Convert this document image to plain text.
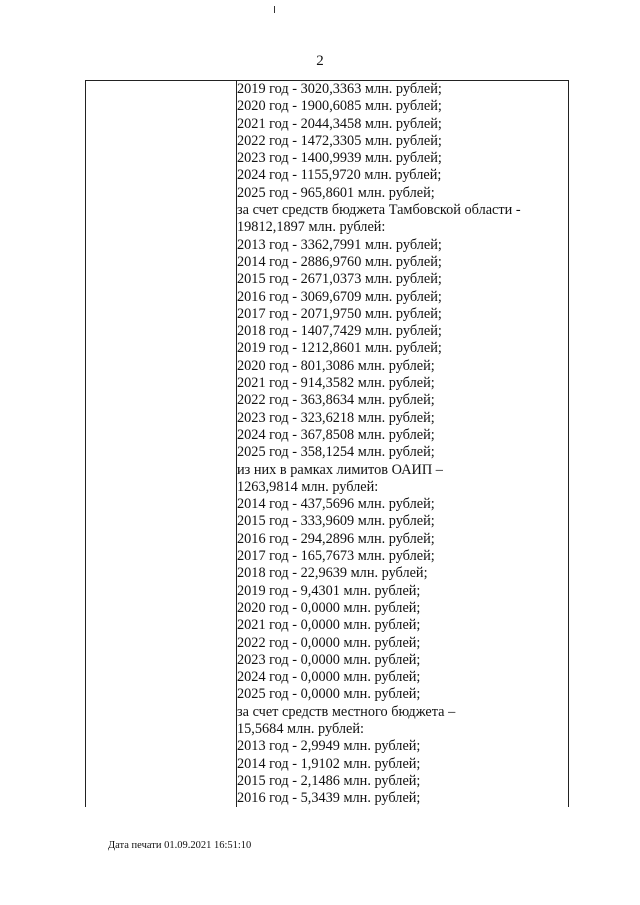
2

2019 год - 3020,3363 млн. рублей;
2020 год - 1900,6085 млн. рублей;
2021 год - 2044,3458 млн. рублей;
2022 год - 1472,3305 млн. рублей;
2023 год - 1400,9939 млн. рублей;
2024 год - 1155,9720 млн. рублей;
2025 год - 965,8601 млн. рублей;
за счет средств бюджета Тамбовской области -
19812,1897 млн. рублей:
2013 год - 3362,7991 млн. рублей;
2014 год - 2886,9760 млн. рублей;
2015 год - 2671,0373 млн. рублей;
2016 год - 3069,6709 млн. рублей;
2017 год - 2071,9750 млн. рублей;
2018 год - 1407,7429 млн. рублей;
2019 год - 1212,8601 млн. рублей;
2020 год - 801,3086 млн. рублей;
2021 год - 914,3582 млн. рублей;
2022 год - 363,8634 млн. рублей;
2023 год - 323,6218 млн. рублей;
2024 год - 367,8508 млн. рублей;
2025 год - 358,1254 млн. рублей;
из них в рамках лимитов ОАИП –
1263,9814 млн. рублей:
2014 год - 437,5696 млн. рублей;
2015 год - 333,9609 млн. рублей;
2016 год - 294,2896 млн. рублей;
2017 год - 165,7673 млн. рублей;
2018 год - 22,9639 млн. рублей;
2019 год - 9,4301 млн. рублей;
2020 год - 0,0000 млн. рублей;
2021 год - 0,0000 млн. рублей;
2022 год - 0,0000 млн. рублей;
2023 год - 0,0000 млн. рублей;
2024 год - 0,0000 млн. рублей;
2025 год - 0,0000 млн. рублей;
за счет средств местного бюджета –
15,5684 млн. рублей:
2013 год - 2,9949 млн. рублей;
2014 год - 1,9102 млн. рублей;
2015 год - 2,1486 млн. рублей;
2016 год - 5,3439 млн. рублей;
Дата печати 01.09.2021 16:51:10
